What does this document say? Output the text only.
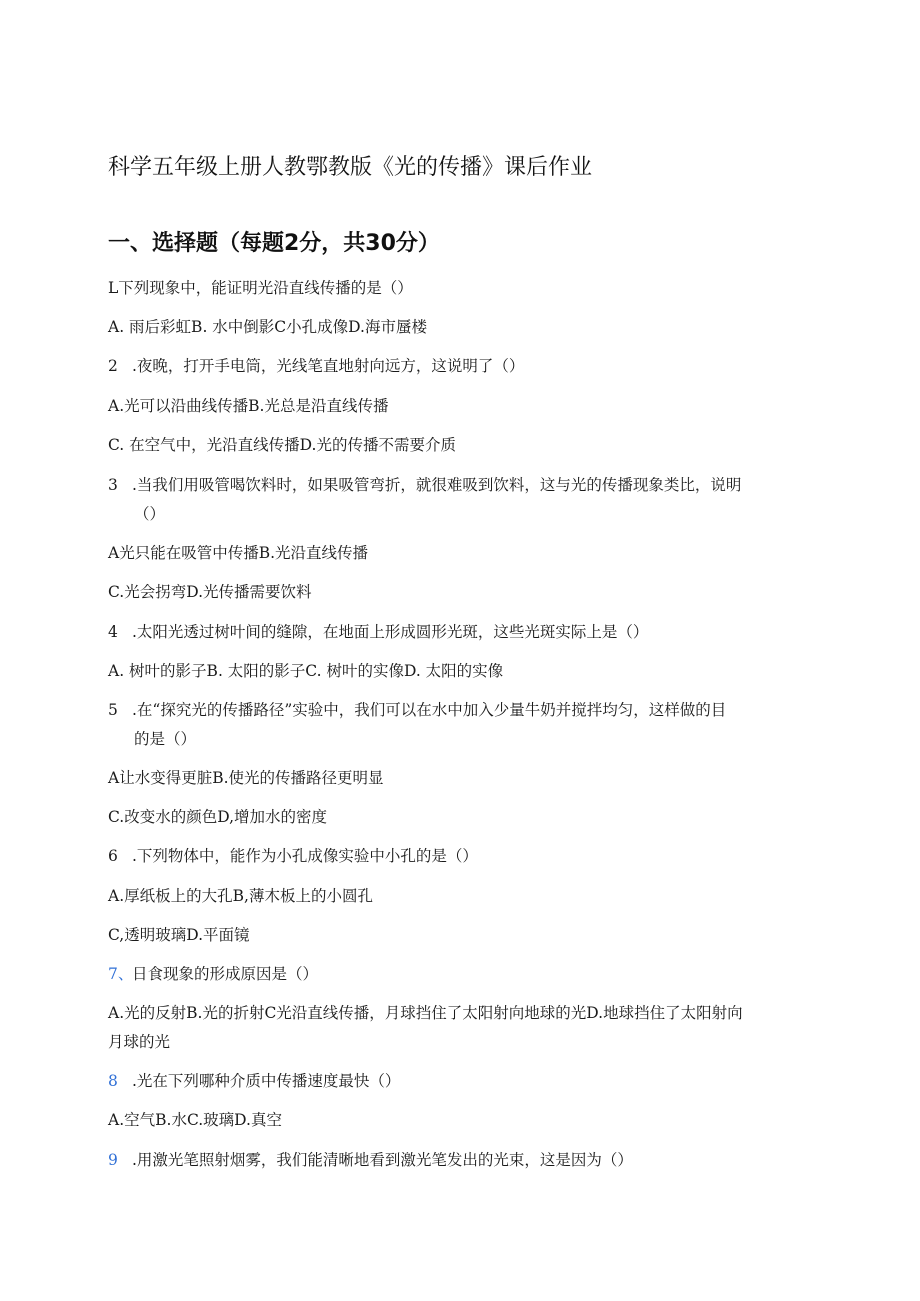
科学五年级上册人教鄂教版《光的传播》课后作业
一、选择题（每题2分，共30分）
L下列现象中，能证明光沿直线传播的是（）
A. 雨后彩虹B. 水中倒影C小孔成像D.海市蜃楼
2 .夜晚，打开手电筒，光线笔直地射向远方，这说明了（）
A.光可以沿曲线传播B.光总是沿直线传播
C. 在空气中，光沿直线传播D.光的传播不需要介质
3 .当我们用吸管喝饮料时，如果吸管弯折，就很难吸到饮料，这与光的传播现象类比，说明
（）
A光只能在吸管中传播B.光沿直线传播
C.光会拐弯D.光传播需要饮料
4 .太阳光透过树叶间的缝隙，在地面上形成圆形光斑，这些光斑实际上是（）
A. 树叶的影子B. 太阳的影子C. 树叶的实像D. 太阳的实像
5 .在“探究光的传播路径”实验中，我们可以在水中加入少量牛奶并搅拌均匀，这样做的目
的是（）
A让水变得更脏B.使光的传播路径更明显
C.改变水的颜色D,增加水的密度
6 .下列物体中，能作为小孔成像实验中小孔的是（）
A.厚纸板上的大孔B,薄木板上的小圆孔
C,透明玻璃D.平面镜
7、日食现象的形成原因是（）
A.光的反射B.光的折射C光沿直线传播，月球挡住了太阳射向地球的光D.地球挡住了太阳射向
月球的光
8 .光在下列哪种介质中传播速度最快（）
A.空气B.水C.玻璃D.真空
9 .用激光笔照射烟雾，我们能清晰地看到激光笔发出的光束，这是因为（）
